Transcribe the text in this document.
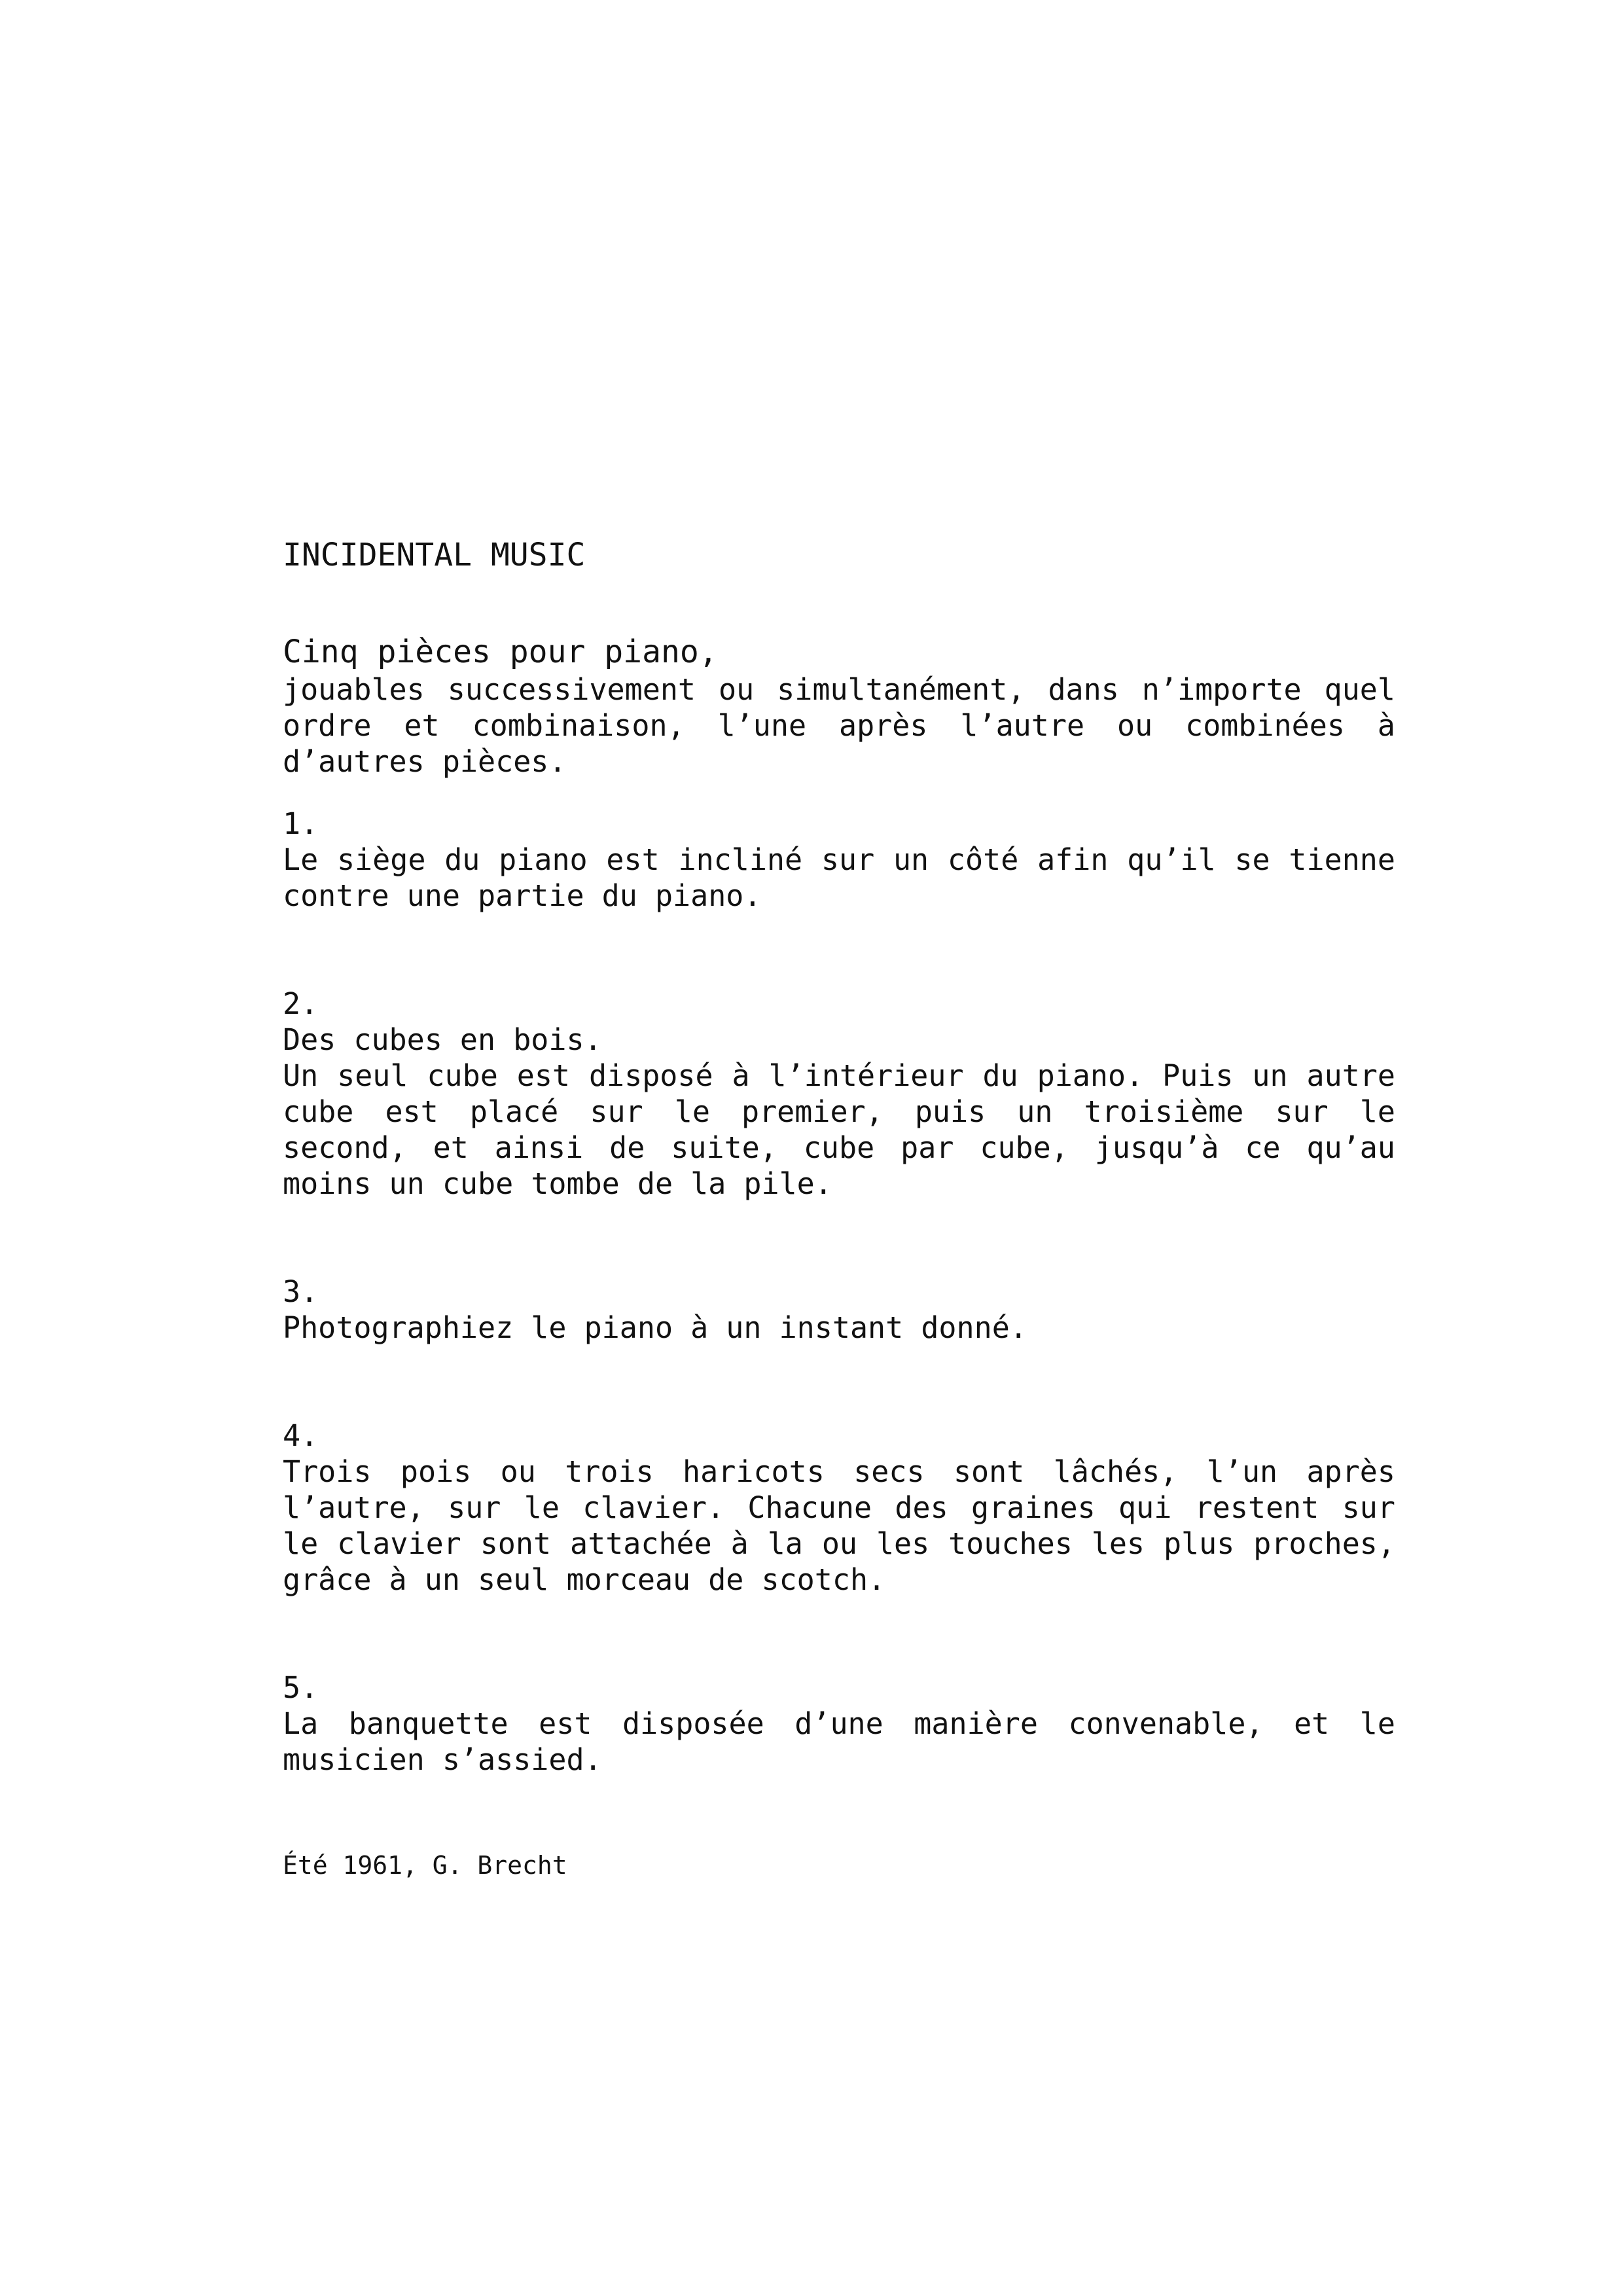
INCIDENTAL MUSIC
Cinq pièces pour piano,

jouables successivement ou simultanément, dans n’importe quel ordre et combinaison, l’une après l’autre ou combinées à d’autres pièces.

1.

Le siège du piano est incliné sur un côté afin qu’il se tienne contre une partie du piano.

2.

Des cubes en bois.

Un seul cube est disposé à l’intérieur du piano. Puis un autre cube est placé sur le premier, puis un troisième sur le second, et ainsi de suite, cube par cube, jusqu’à ce qu’au moins un cube tombe de la pile.

3.

Photographiez le piano à un instant donné.

4.

Trois pois ou trois haricots secs sont lâchés, l’un après l’autre, sur le clavier. Chacune des graines qui restent sur le clavier sont attachée à la ou les touches les plus proches, grâce à un seul morceau de scotch.

5.

La banquette est disposée d’une manière convenable, et le musicien s’assied.

Été 1961, G. Brecht
